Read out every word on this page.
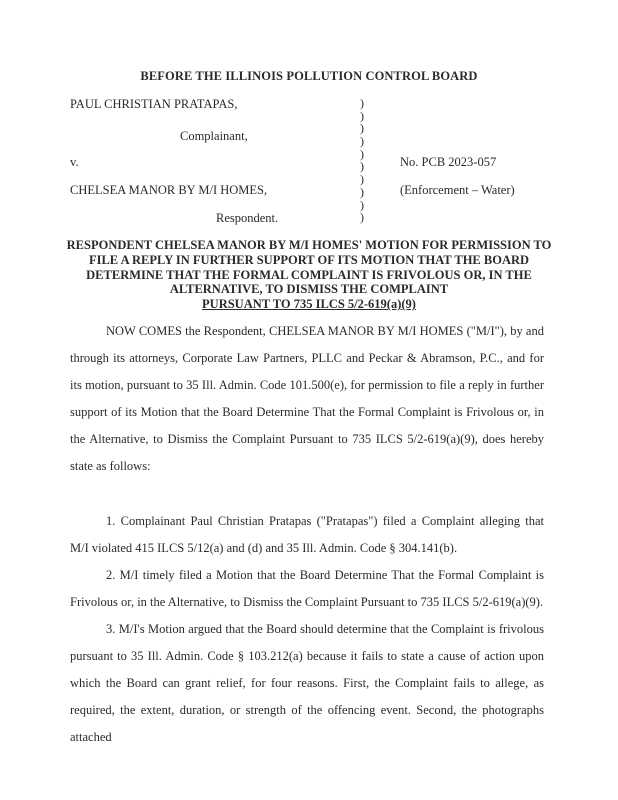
BEFORE THE ILLINOIS POLLUTION CONTROL BOARD
PAUL CHRISTIAN PRATAPAS,
Complainant,
v.
CHELSEA MANOR BY M/I HOMES,
Respondent.
)
)
)
)
)
)
)
)
)
)
No. PCB 2023-057
(Enforcement – Water)
RESPONDENT CHELSEA MANOR BY M/I HOMES' MOTION FOR PERMISSION TO
FILE A REPLY IN FURTHER SUPPORT OF ITS MOTION THAT THE BOARD
DETERMINE THAT THE FORMAL COMPLAINT IS FRIVOLOUS OR, IN THE
ALTERNATIVE, TO DISMISS THE COMPLAINT
PURSUANT TO 735 ILCS 5/2-619(a)(9)
NOW COMES the Respondent, CHELSEA MANOR BY M/I HOMES ("M/I"), by and through its attorneys, Corporate Law Partners, PLLC and Peckar & Abramson, P.C., and for its motion, pursuant to 35 Ill. Admin. Code 101.500(e), for permission to file a reply in further support of its Motion that the Board Determine That the Formal Complaint is Frivolous or, in the Alternative, to Dismiss the Complaint Pursuant to 735 ILCS 5/2-619(a)(9), does hereby state as follows:
1. Complainant Paul Christian Pratapas ("Pratapas") filed a Complaint alleging that M/I violated 415 ILCS 5/12(a) and (d) and 35 Ill. Admin. Code § 304.141(b).
2. M/I timely filed a Motion that the Board Determine That the Formal Complaint is Frivolous or, in the Alternative, to Dismiss the Complaint Pursuant to 735 ILCS 5/2-619(a)(9).
3. M/I's Motion argued that the Board should determine that the Complaint is frivolous pursuant to 35 Ill. Admin. Code § 103.212(a) because it fails to state a cause of action upon which the Board can grant relief, for four reasons. First, the Complaint fails to allege, as required, the extent, duration, or strength of the offencing event. Second, the photographs attached
